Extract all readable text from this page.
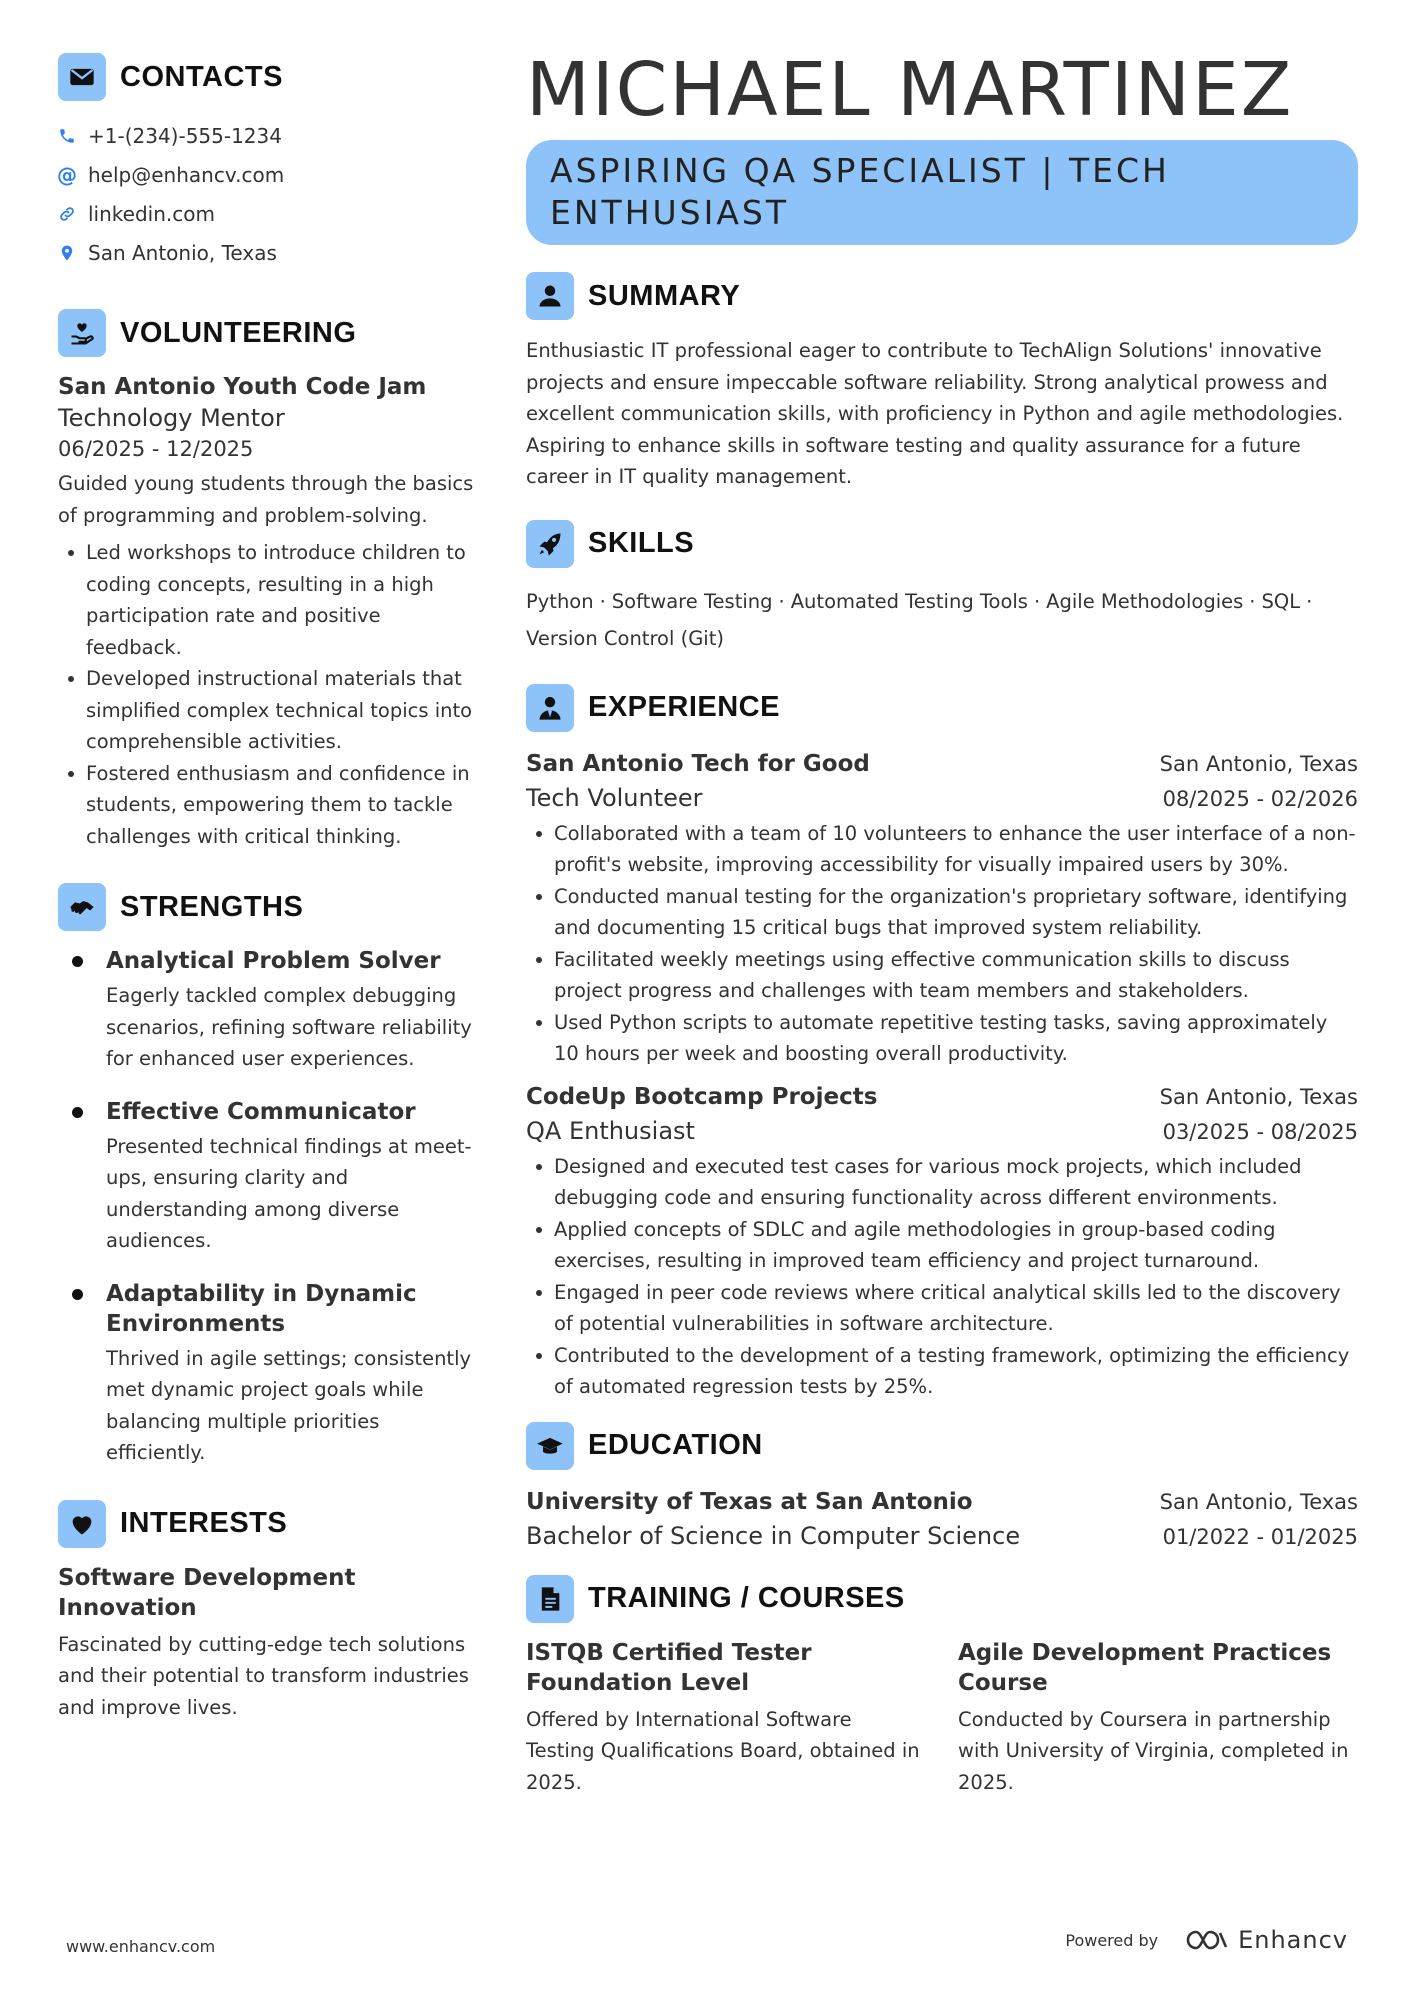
CONTACTS
+1-(234)-555-1234
@ help@enhancv.com
linkedin.com
San Antonio, Texas
VOLUNTEERING
San Antonio Youth Code Jam
Technology Mentor
06/2025 - 12/2025
Guided young students through the basics of programming and problem-solving.
Led workshops to introduce children to coding concepts, resulting in a high participation rate and positive feedback.
Developed instructional materials that simplified complex technical topics into comprehensible activities.
Fostered enthusiasm and confidence in students, empowering them to tackle challenges with critical thinking.
STRENGTHS
Analytical Problem Solver
Eagerly tackled complex debugging scenarios, refining software reliability for enhanced user experiences.
Effective Communicator
Presented technical findings at meet-ups, ensuring clarity and understanding among diverse audiences.
Adaptability in Dynamic Environments
Thrived in agile settings; consistently met dynamic project goals while balancing multiple priorities efficiently.
INTERESTS
Software Development Innovation
Fascinated by cutting-edge tech solutions and their potential to transform industries and improve lives.
MICHAEL MARTINEZ
ASPIRING QA SPECIALIST | TECH ENTHUSIAST
SUMMARY
Enthusiastic IT professional eager to contribute to TechAlign Solutions' innovative projects and ensure impeccable software reliability. Strong analytical prowess and excellent communication skills, with proficiency in Python and agile methodologies. Aspiring to enhance skills in software testing and quality assurance for a future career in IT quality management.
SKILLS
Python · Software Testing · Automated Testing Tools · Agile Methodologies · SQL ·
Version Control (Git)
EXPERIENCE
San Antonio Tech for Good	San Antonio, Texas
Tech Volunteer	08/2025 - 02/2026
Collaborated with a team of 10 volunteers to enhance the user interface of a non-profit's website, improving accessibility for visually impaired users by 30%.
Conducted manual testing for the organization's proprietary software, identifying and documenting 15 critical bugs that improved system reliability.
Facilitated weekly meetings using effective communication skills to discuss project progress and challenges with team members and stakeholders.
Used Python scripts to automate repetitive testing tasks, saving approximately 10 hours per week and boosting overall productivity.
CodeUp Bootcamp Projects	San Antonio, Texas
QA Enthusiast	03/2025 - 08/2025
Designed and executed test cases for various mock projects, which included debugging code and ensuring functionality across different environments.
Applied concepts of SDLC and agile methodologies in group-based coding exercises, resulting in improved team efficiency and project turnaround.
Engaged in peer code reviews where critical analytical skills led to the discovery of potential vulnerabilities in software architecture.
Contributed to the development of a testing framework, optimizing the efficiency of automated regression tests by 25%.
EDUCATION
University of Texas at San Antonio	San Antonio, Texas
Bachelor of Science in Computer Science	01/2022 - 01/2025
TRAINING / COURSES
ISTQB Certified Tester Foundation Level
Offered by International Software Testing Qualifications Board, obtained in 2025.
Agile Development Practices Course
Conducted by Coursera in partnership with University of Virginia, completed in 2025.
www.enhancv.com	Powered by	Enhancv
